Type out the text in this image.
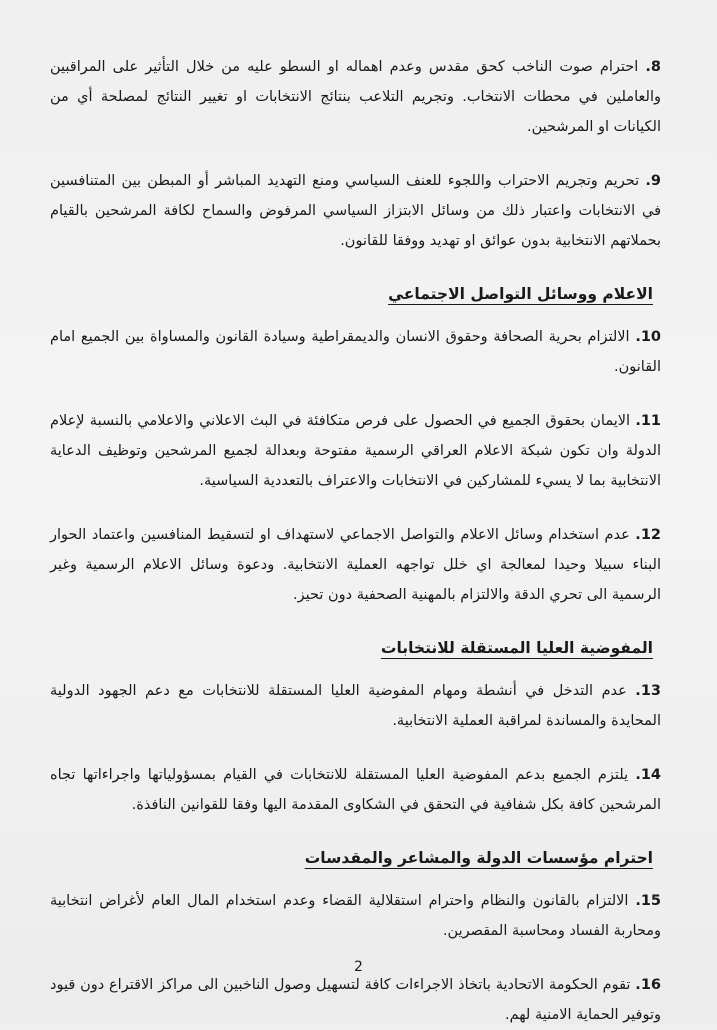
8. احترام صوت الناخب كحق مقدس وعدم اهماله او السطو عليه من خلال التأثير على المراقبين والعاملين في محطات الانتخاب. وتجريم التلاعب بنتائج الانتخابات او تغيير النتائج لمصلحة أي من الكيانات او المرشحين.
9. تحريم وتجريم الاحتراب واللجوء للعنف السياسي ومنع التهديد المباشر أو المبطن بين المتنافسين في الانتخابات واعتبار ذلك من وسائل الابتزاز السياسي المرفوض والسماح لكافة المرشحين بالقيام بحملاتهم الانتخابية بدون عوائق او تهديد ووفقا للقانون.
الاعلام ووسائل التواصل الاجتماعي
10. الالتزام بحرية الصحافة وحقوق الانسان والديمقراطية وسيادة القانون والمساواة بين الجميع امام القانون.
11. الايمان بحقوق الجميع في الحصول على فرص متكافئة في البث الاعلاني والاعلامي بالنسبة لإعلام الدولة وان تكون شبكة الاعلام العراقي الرسمية مفتوحة وبعدالة لجميع المرشحين وتوظيف الدعاية الانتخابية بما لا يسيء للمشاركين في الانتخابات والاعتراف بالتعددية السياسية.
12. عدم استخدام وسائل الاعلام والتواصل الاجماعي لاستهداف او لتسقيط المنافسين واعتماد الحوار البناء سبيلا وحيدا لمعالجة اي خلل تواجهه العملية الانتخابية. ودعوة وسائل الاعلام الرسمية وغير الرسمية الى تحري الدقة والالتزام بالمهنية الصحفية دون تحيز.
المفوضية العليا المستقلة للانتخابات
13. عدم التدخل في أنشطة ومهام المفوضية العليا المستقلة للانتخابات مع دعم الجهود الدولية المحايدة والمساندة لمراقبة العملية الانتخابية.
14. يلتزم الجميع بدعم المفوضية العليا المستقلة للانتخابات في القيام بمسؤولياتها واجراءاتها تجاه المرشحين كافة بكل شفافية في التحقق في الشكاوى المقدمة اليها وفقا للقوانين النافذة.
احترام مؤسسات الدولة والمشاعر والمقدسات
15. الالتزام بالقانون والنظام واحترام استقلالية القضاء وعدم استخدام المال العام لأغراض انتخابية ومحاربة الفساد ومحاسبة المقصرين.
16. تقوم الحكومة الاتحادية باتخاذ الاجراءات كافة لتسهيل وصول الناخبين الى مراكز الاقتراع دون قيود وتوفير الحماية الامنية لهم.
2
